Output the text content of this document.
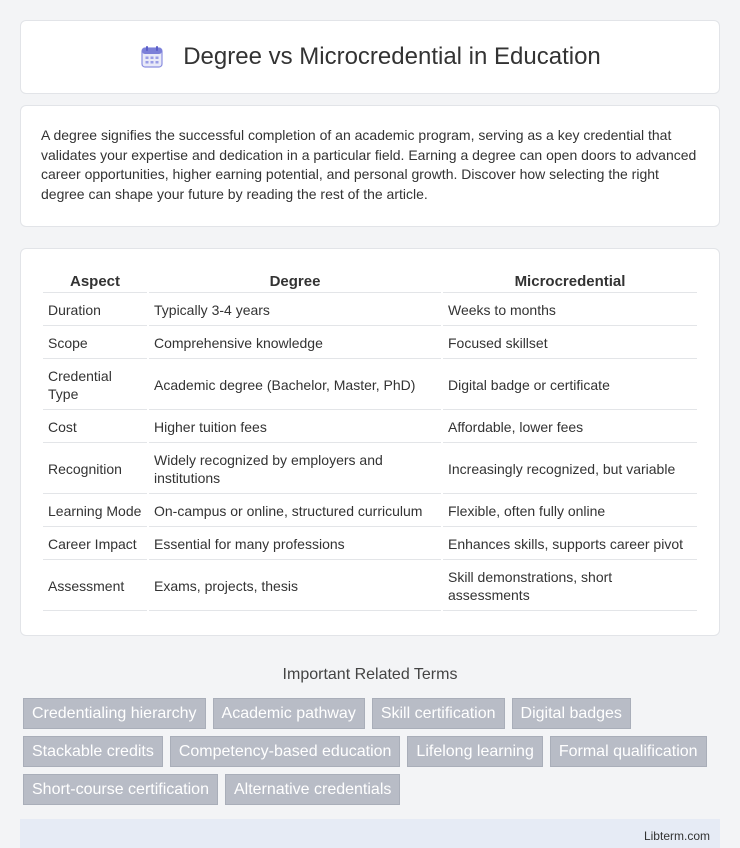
Degree vs Microcredential in Education

A degree signifies the successful completion of an academic program, serving as a key credential that validates your expertise and dedication in a particular field. Earning a degree can open doors to advanced career opportunities, higher earning potential, and personal growth. Discover how selecting the right degree can shape your future by reading the rest of the article.

Aspect	Degree	Microcredential
Duration	Typically 3-4 years	Weeks to months
Scope	Comprehensive knowledge	Focused skillset
Credential Type	Academic degree (Bachelor, Master, PhD)	Digital badge or certificate
Cost	Higher tuition fees	Affordable, lower fees
Recognition	Widely recognized by employers and institutions	Increasingly recognized, but variable
Learning Mode	On-campus or online, structured curriculum	Flexible, often fully online
Career Impact	Essential for many professions	Enhances skills, supports career pivot
Assessment	Exams, projects, thesis	Skill demonstrations, short assessments
Important Related Terms
Credentialing hierarchy	Academic pathway	Skill certification	Digital badges
Stackable credits	Competency-based education	Lifelong learning	Formal qualification
Short-course certification	Alternative credentials
Libterm.com
